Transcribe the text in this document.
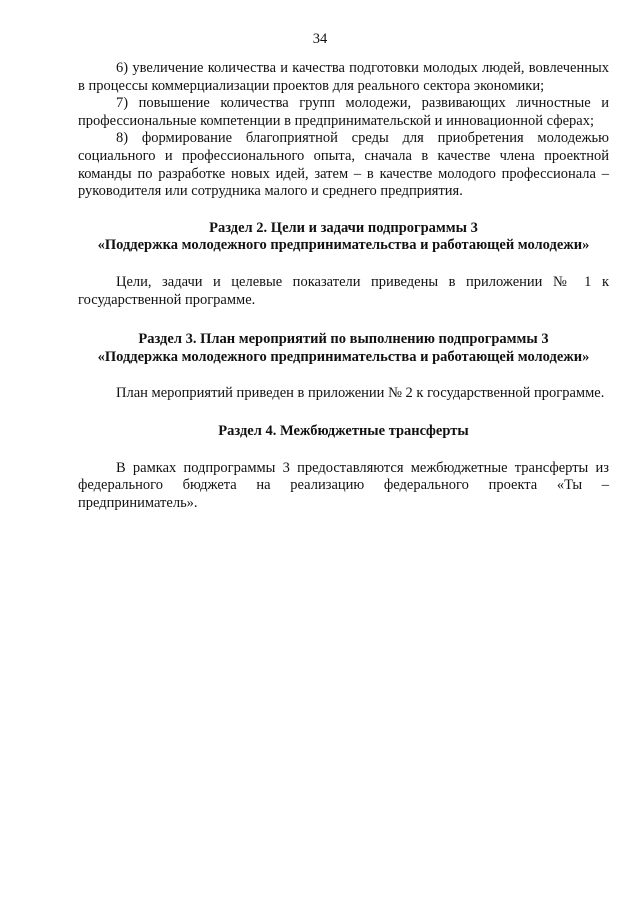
34

6) увеличение количества и качества подготовки молодых людей, вовлеченных в процессы коммерциализации проектов для реального сектора экономики;

7) повышение количества групп молодежи, развивающих личностные и профессиональные компетенции в предпринимательской и инновационной сферах;

8) формирование благоприятной среды для приобретения молодежью социального и профессионального опыта, сначала в качестве члена проектной команды по разработке новых идей, затем – в качестве молодого профессионала – руководителя или сотрудника малого и среднего предприятия.

Раздел 2. Цели и задачи подпрограммы 3
«Поддержка молодежного предпринимательства и работающей молодежи»

Цели, задачи и целевые показатели приведены в приложении № 1 к государственной программе.

Раздел 3. План мероприятий по выполнению подпрограммы 3
«Поддержка молодежного предпринимательства и работающей молодежи»

План мероприятий приведен в приложении № 2 к государственной программе.

Раздел 4. Межбюджетные трансферты

В рамках подпрограммы 3 предоставляются межбюджетные трансферты из федерального бюджета на реализацию федерального проекта «Ты – предприниматель».
